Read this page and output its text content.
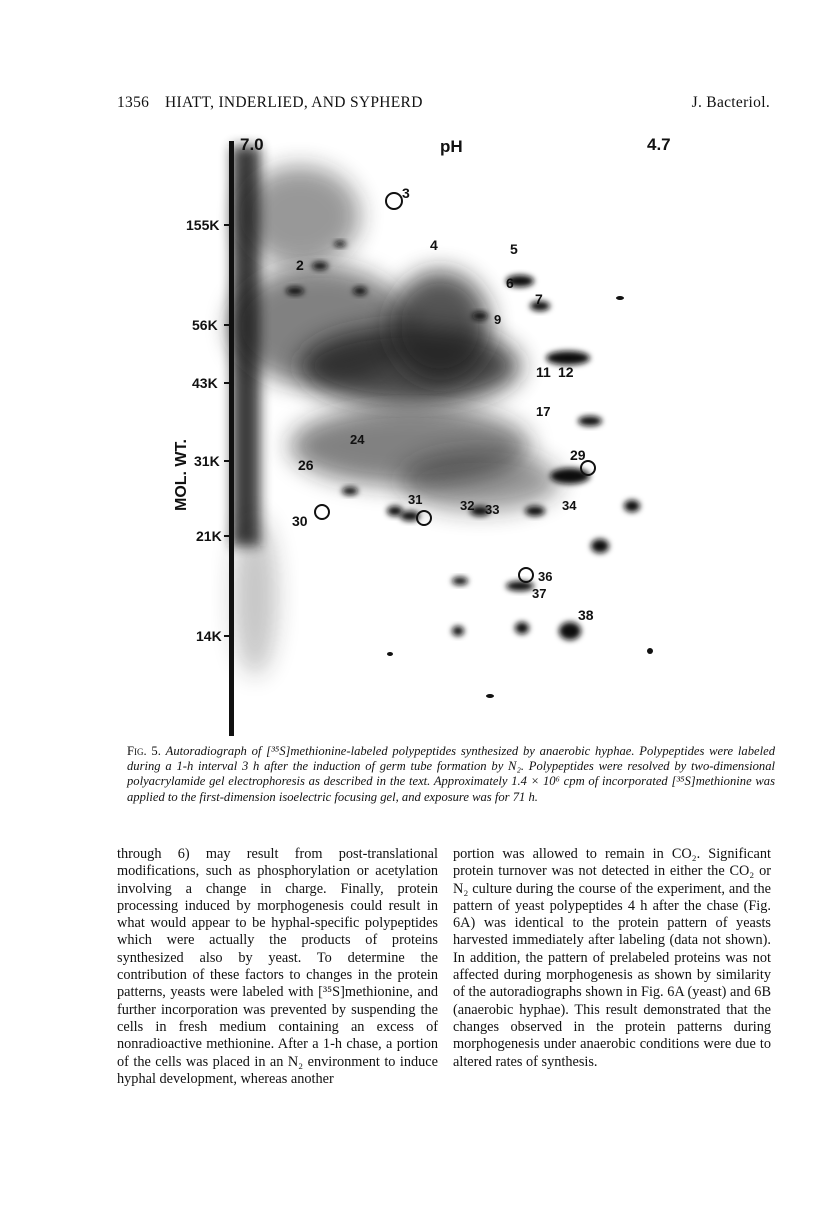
1356 HIATT, INDERLIED, AND SYPHERD	J. Bacteriol.
7.0	pH	4.7
MOL. WT.
155K
56K
43K
31K
21K
14K
2
3
4	5
6
7
9
11 12
17
24
26
29
30
31	32 33	34
36
37
38
Fig. 5. Autoradiograph of [³⁵S]methionine-labeled polypeptides synthesized by anaerobic hyphae. Polypeptides were labeled during a 1-h interval 3 h after the induction of germ tube formation by N₂. Polypeptides were resolved by two-dimensional polyacrylamide gel electrophoresis as described in the text. Approximately 1.4 × 10⁶ cpm of incorporated [³⁵S]methionine was applied to the first-dimension isoelectric focusing gel, and exposure was for 71 h.
through 6) may result from post-translational modifications, such as phosphorylation or acetylation involving a change in charge. Finally, protein processing induced by morphogenesis could result in what would appear to be hyphal-specific polypeptides which were actually the products of proteins synthesized also by yeast. To determine the contribution of these factors to changes in the protein patterns, yeasts were labeled with [³⁵S]methionine, and further incorporation was prevented by suspending the cells in fresh medium containing an excess of nonradioactive methionine. After a 1-h chase, a portion of the cells was placed in an N₂ environment to induce hyphal development, whereas another
portion was allowed to remain in CO₂. Significant protein turnover was not detected in either the CO₂ or N₂ culture during the course of the experiment, and the pattern of yeast polypeptides 4 h after the chase (Fig. 6A) was identical to the protein pattern of yeasts harvested immediately after labeling (data not shown). In addition, the pattern of prelabeled proteins was not affected during morphogenesis as shown by similarity of the autoradiographs shown in Fig. 6A (yeast) and 6B (anaerobic hyphae). This result demonstrated that the changes observed in the protein patterns during morphogenesis under anaerobic conditions were due to altered rates of synthesis.
